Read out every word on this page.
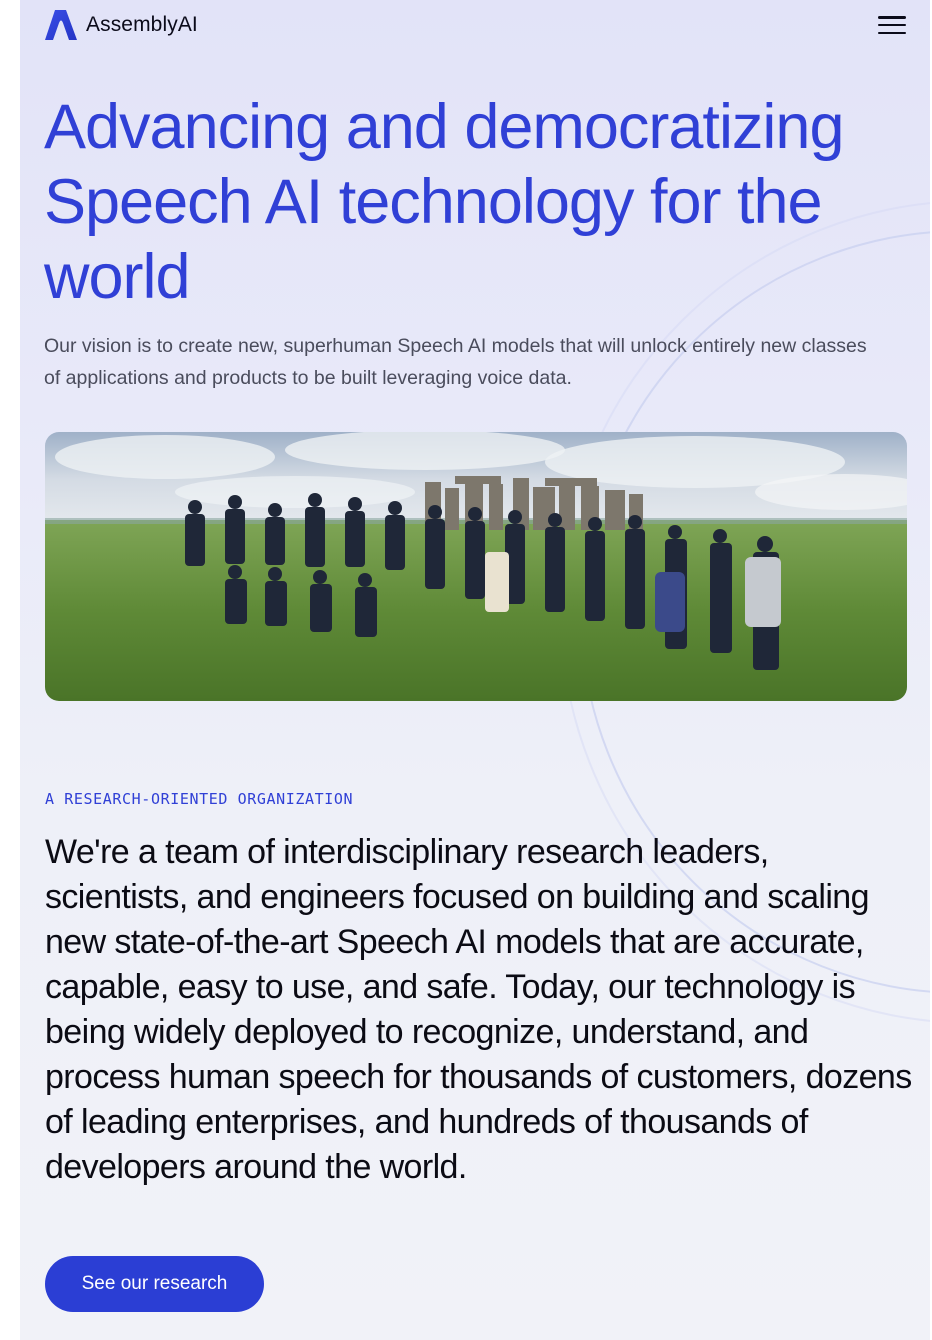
AssemblyAI
Advancing and democratizing Speech AI technology for the world

Our vision is to create new, superhuman Speech AI models that will unlock entirely new classes of applications and products to be built leveraging voice data.

A RESEARCH-ORIENTED ORGANIZATION

We're a team of interdisciplinary research leaders, scientists, and engineers focused on building and scaling new state-of-the-art Speech AI models that are accurate, capable, easy to use, and safe. Today, our technology is being widely deployed to recognize, understand, and process human speech for thousands of customers, dozens of leading enterprises, and hundreds of thousands of developers around the world.

See our research
